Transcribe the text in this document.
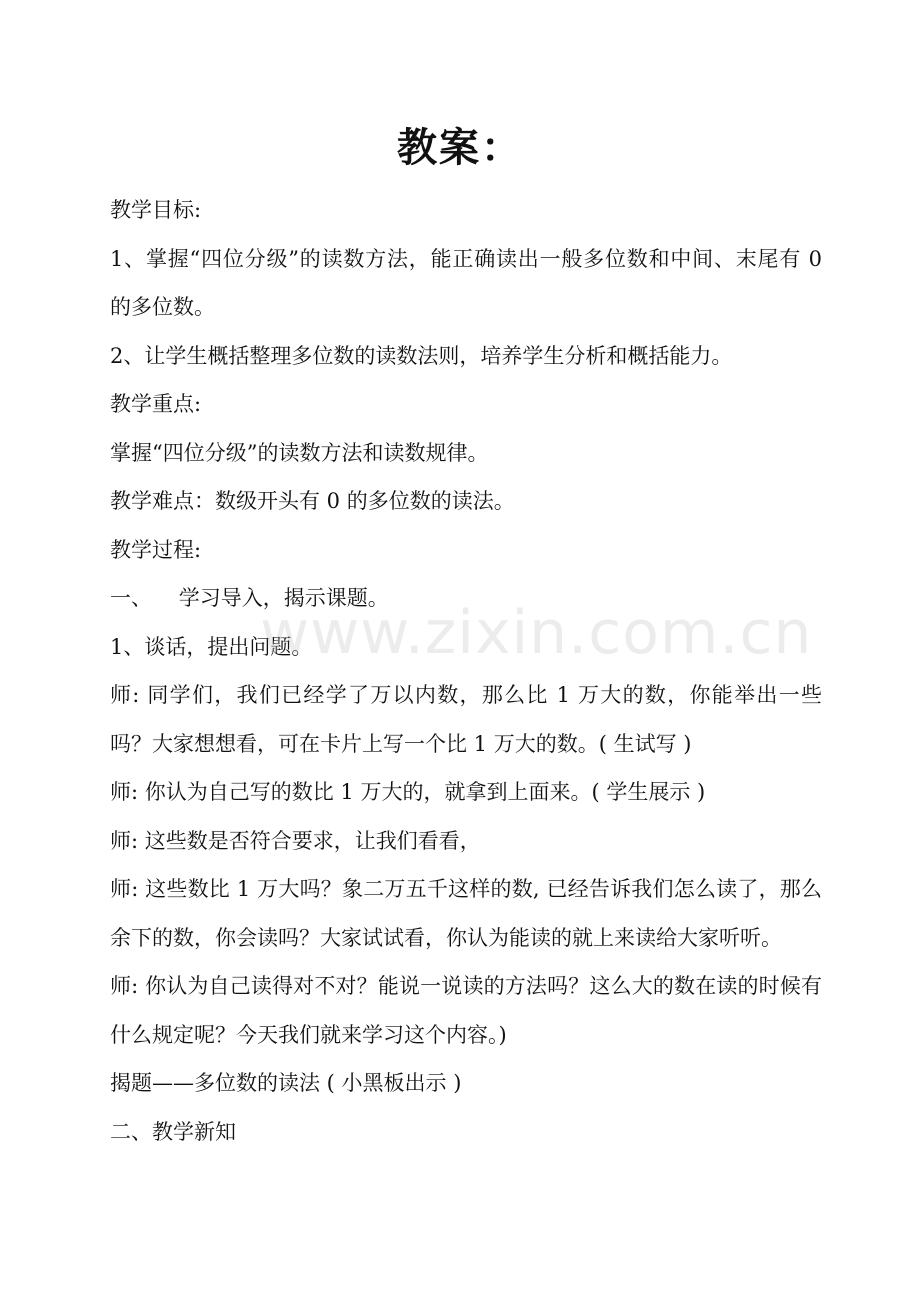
教案：

教学目标:

1、掌握“四位分级”的读数方法，能正确读出一般多位数和中间、末尾有 0 的多位数。

2、让学生概括整理多位数的读数法则，培养学生分析和概括能力。

教学重点:

掌握“四位分级”的读数方法和读数规律。

教学难点：数级开头有 0 的多位数的读法。

教学过程:

一、    学习导入，揭示课题。

1、谈话，提出问题。

师: 同学们，我们已经学了万以内数，那么比 1 万大的数，你能举出一些吗？大家想想看，可在卡片上写一个比 1 万大的数。( 生试写 )

师: 你认为自己写的数比 1 万大的，就拿到上面来。( 学生展示 )

师: 这些数是否符合要求，让我们看看，

师: 这些数比 1 万大吗？象二万五千这样的数, 已经告诉我们怎么读了，那么余下的数，你会读吗？大家试试看，你认为能读的就上来读给大家听听。

师: 你认为自己读得对不对？能说一说读的方法吗？这么大的数在读的时候有什么规定呢？今天我们就来学习这个内容。)

揭题——多位数的读法 ( 小黑板出示 )

二、教学新知

www.zixin.com.cn
